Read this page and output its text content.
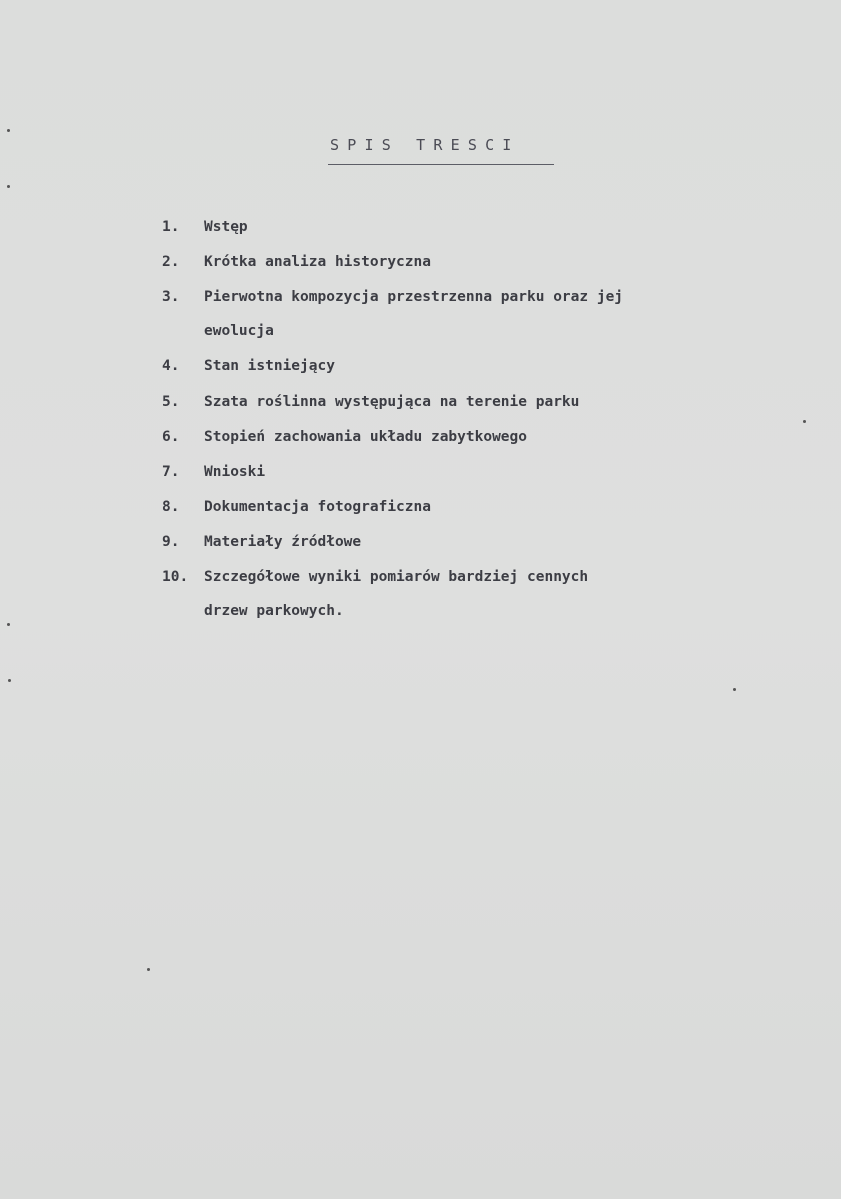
SPIS TRESCI
1. Wstęp
2. Krótka analiza historyczna
3. Pierwotna kompozycja przestrzenna parku oraz jej
ewolucja
4. Stan istniejący
5. Szata roślinna występująca na terenie parku
6. Stopień zachowania układu zabytkowego
7. Wnioski
8. Dokumentacja fotograficzna
9. Materiały źródłowe
10. Szczegółowe wyniki pomiarów bardziej cennych
drzew parkowych.
